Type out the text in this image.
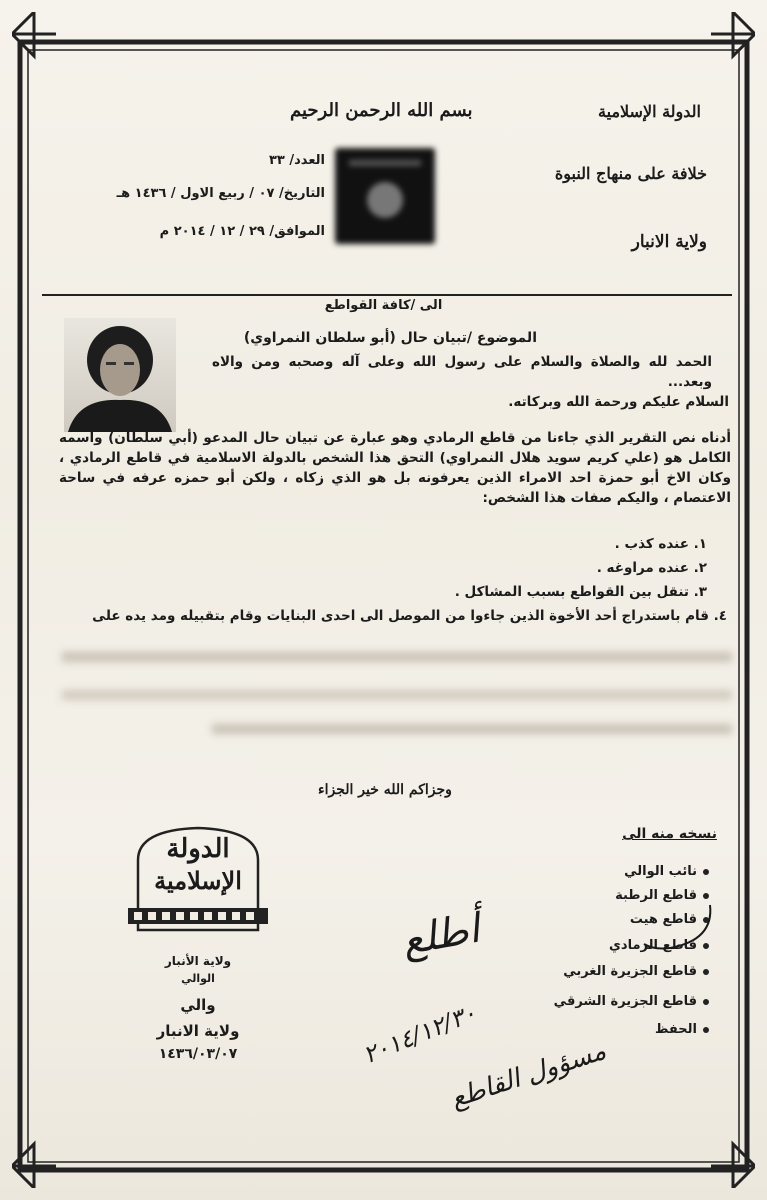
الدولة الإسلامية
خلافة على منهاج النبوة
ولاية الانبار
بسم الله الرحمن الرحيم
العدد/ ٣٣
التاريخ/ ٠٧ / ربيع الاول / ١٤٣٦ هـ
الموافق/ ٢٩ / ١٢ / ٢٠١٤ م
الى /كافة القواطع
الموضوع /تبيان حال (أبو سلطان النمراوي)
الحمد لله والصلاة والسلام على رسول الله وعلى آله وصحبه ومن والاه وبعد...
السلام عليكم ورحمة الله وبركاته.
أدناه نص التقرير الذي جاءنا من قاطع الرمادي وهو عبارة عن تبيان حال المدعو (أبي سلطان) واسمه الكامل هو (علي كريم سويد هلال النمراوي) التحق هذا الشخص بالدولة الاسلامية في قاطع الرمادي ، وكان الاخ أبو حمزة احد الامراء الذين يعرفونه بل هو الذي زكاه ، ولكن أبو حمزه عرفه في ساحة الاعتصام ، واليكم صفات هذا الشخص:
١. عنده كذب .
٢. عنده مراوغه .
٣. تنقل بين القواطع بسبب المشاكل .
٤. قام باستدراج أحد الأخوة الذين جاءوا من الموصل الى احدى البنايات وقام بتقبيله ومد يده على
وجزاكم الله خير الجزاء
الدولة
الإسلامية
ولاية الأنبار
الوالي
والي
ولاية الانبار
١٤٣٦/٠٣/٠٧
نسخه منه الى
نائب الوالي
قاطع الرطبة
قاطع هيت
قاطع الرمادي
قاطع الجزيرة الغربي
قاطع الجزيرة الشرقي
الحفظ
أطلع
٢٠١٤/١٢/٣٠
مسؤول القاطع
